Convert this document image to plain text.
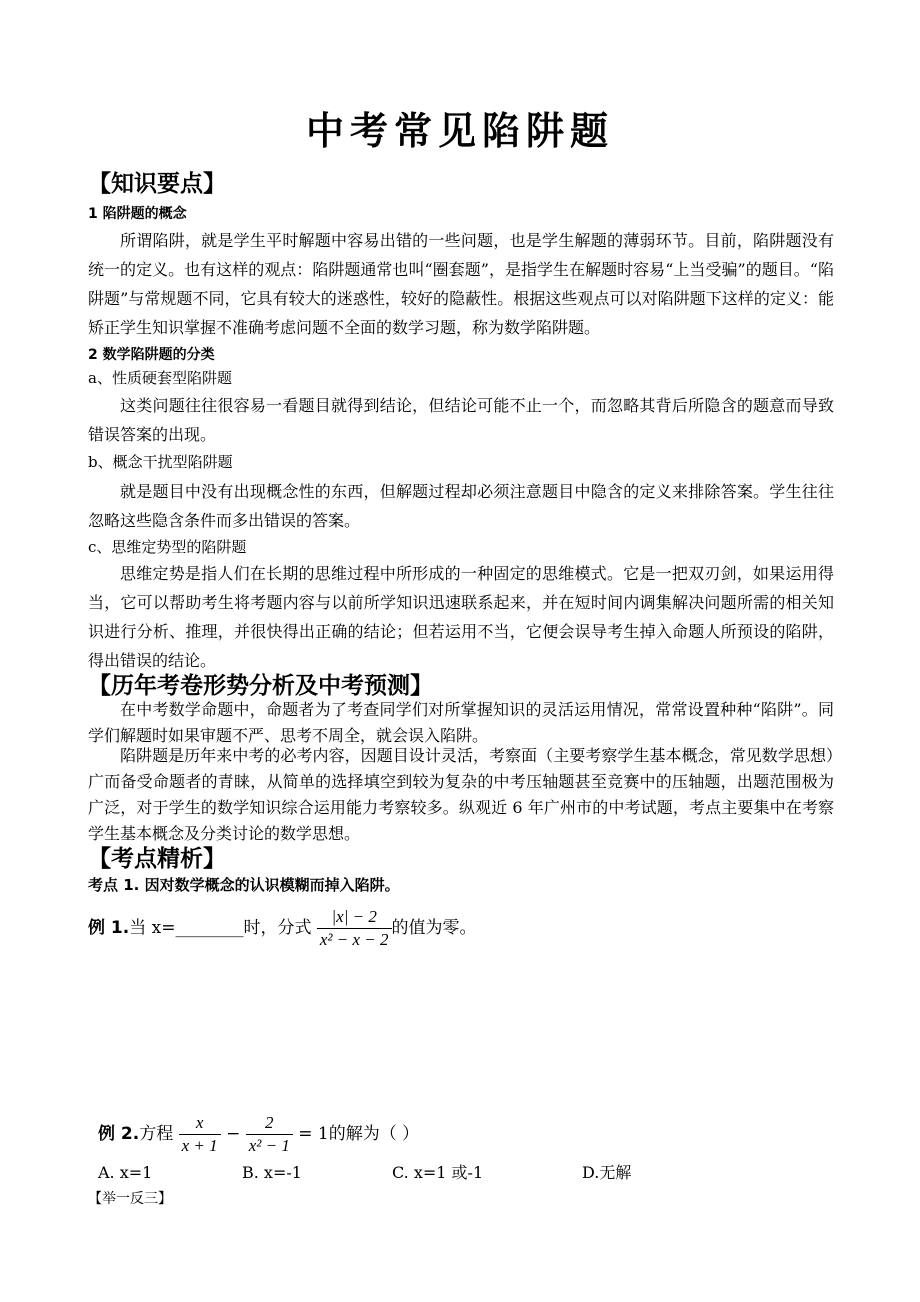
中考常见陷阱题
【知识要点】
1 陷阱题的概念
所谓陷阱，就是学生平时解题中容易出错的一些问题，也是学生解题的薄弱环节。目前，陷阱题没有统一的定义。也有这样的观点：陷阱题通常也叫“圈套题”，是指学生在解题时容易“上当受骗”的题目。“陷阱题”与常规题不同，它具有较大的迷惑性，较好的隐蔽性。根据这些观点可以对陷阱题下这样的定义：能矫正学生知识掌握不准确考虑问题不全面的数学习题，称为数学陷阱题。
2 数学陷阱题的分类
a、性质硬套型陷阱题
这类问题往往很容易一看题目就得到结论，但结论可能不止一个，而忽略其背后所隐含的题意而导致错误答案的出现。
b、概念干扰型陷阱题
就是题目中没有出现概念性的东西，但解题过程却必须注意题目中隐含的定义来排除答案。学生往往忽略这些隐含条件而多出错误的答案。
c、思维定势型的陷阱题
思维定势是指人们在长期的思维过程中所形成的一种固定的思维模式。它是一把双刃剑，如果运用得当，它可以帮助考生将考题内容与以前所学知识迅速联系起来，并在短时间内调集解决问题所需的相关知识进行分析、推理，并很快得出正确的结论；但若运用不当，它便会误导考生掉入命题人所预设的陷阱，得出错误的结论。
【历年考卷形势分析及中考预测】
在中考数学命题中，命题者为了考查同学们对所掌握知识的灵活运用情况，常常设置种种“陷阱”。同学们解题时如果审题不严、思考不周全，就会误入陷阱。
陷阱题是历年来中考的必考内容，因题目设计灵活，考察面（主要考察学生基本概念，常见数学思想）广而备受命题者的青睐，从简单的选择填空到较为复杂的中考压轴题甚至竞赛中的压轴题，出题范围极为广泛，对于学生的数学知识综合运用能力考察较多。纵观近 6 年广州市的中考试题，考点主要集中在考察学生基本概念及分类讨论的数学思想。
【考点精析】
考点 1. 因对数学概念的认识模糊而掉入陷阱。
例 1.当 x=________时，分式 $\frac{|x| - 2}{\text{x² − x − 2}}$ 的值为零。
例 2.方程 $\frac{x}{x + 1} - \frac{2}{\text{x² − 1}} = 1$的解为（ ）
A. x=1	B. x=-1	C. x=1 或-1	D.无解
【举一反三】
